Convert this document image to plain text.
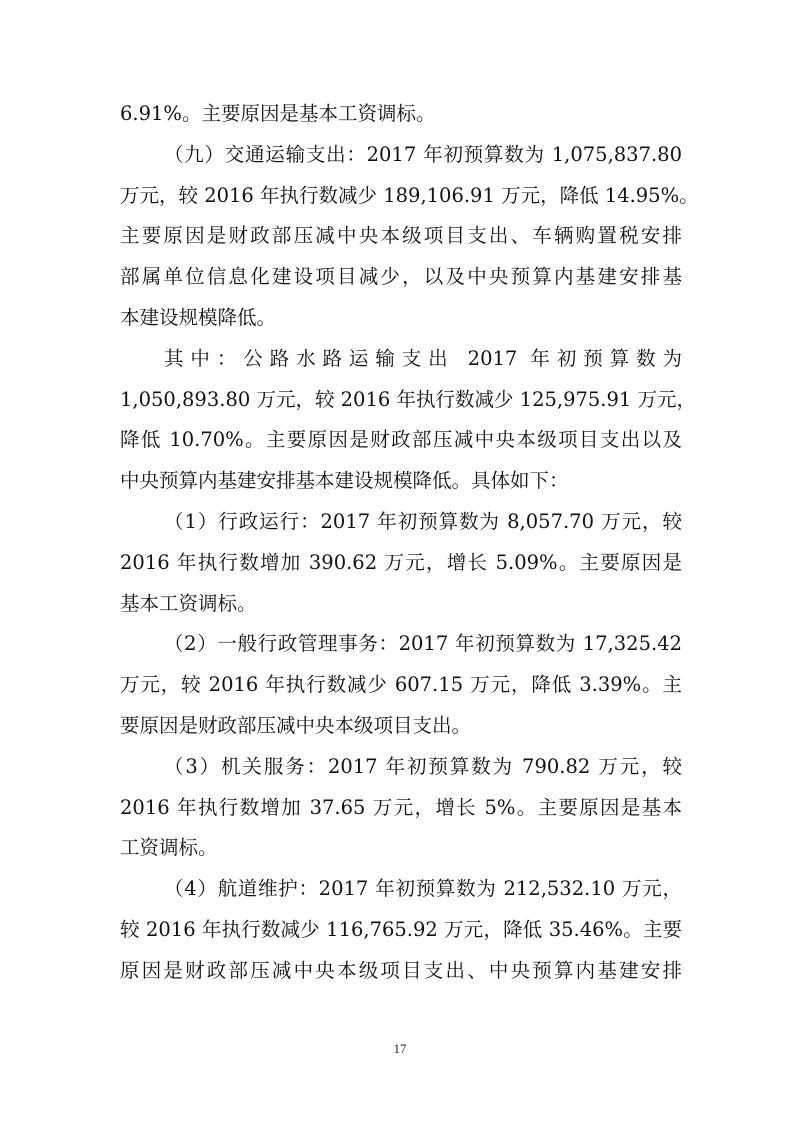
6.91%。主要原因是基本工资调标。
（九）交通运输支出：2017 年初预算数为 1,075,837.80
万元，较 2016 年执行数减少 189,106.91 万元，降低 14.95%。
主要原因是财政部压减中央本级项目支出、车辆购置税安排
部属单位信息化建设项目减少，以及中央预算内基建安排基
本建设规模降低。
其中：公路水路运输支出 2017 年初预算数为
1,050,893.80 万元，较 2016 年执行数减少 125,975.91 万元，
降低 10.70%。主要原因是财政部压减中央本级项目支出以及
中央预算内基建安排基本建设规模降低。具体如下：
（1）行政运行：2017 年初预算数为 8,057.70 万元，较
2016 年执行数增加 390.62 万元，增长 5.09%。主要原因是
基本工资调标。
（2）一般行政管理事务：2017 年初预算数为 17,325.42
万元，较 2016 年执行数减少 607.15 万元，降低 3.39%。主
要原因是财政部压减中央本级项目支出。
（3）机关服务：2017 年初预算数为 790.82 万元，较
2016 年执行数增加 37.65 万元，增长 5%。主要原因是基本
工资调标。
（4）航道维护：2017 年初预算数为 212,532.10 万元，
较 2016 年执行数减少 116,765.92 万元，降低 35.46%。主要
原因是财政部压减中央本级项目支出、中央预算内基建安排
17
